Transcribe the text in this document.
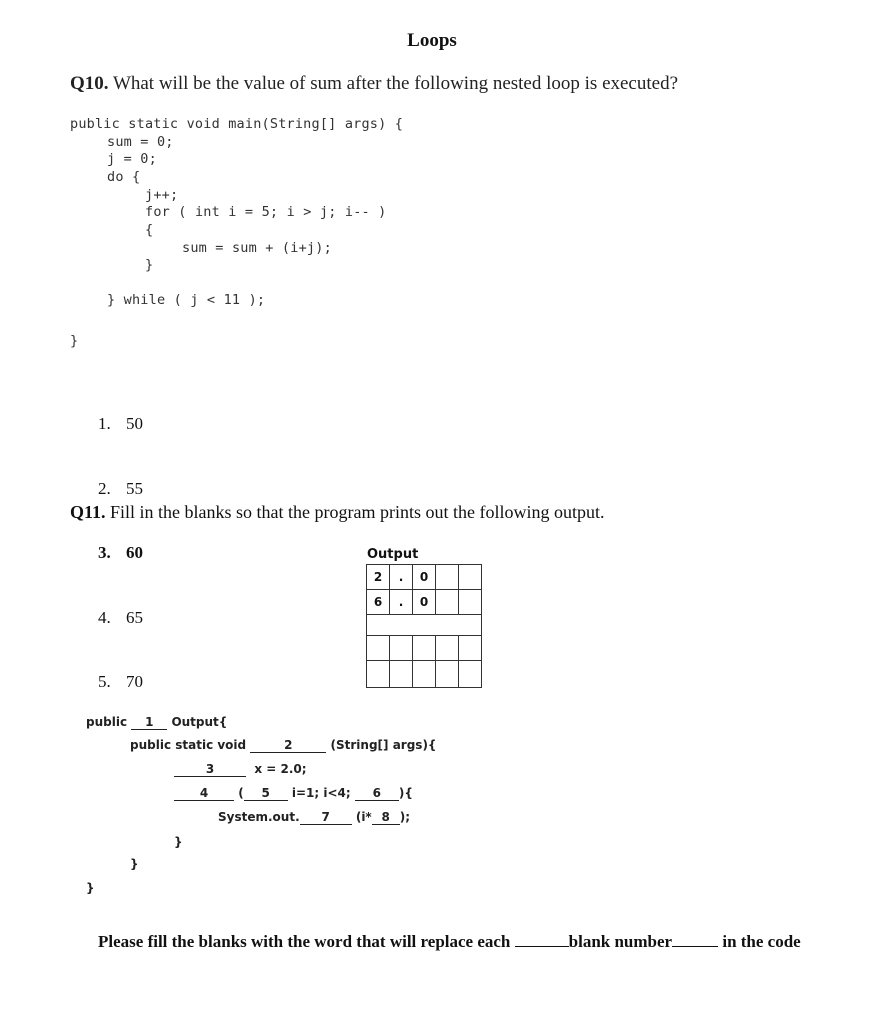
Loops
Q10. What will be the value of sum after the following nested loop is executed?
public static void main(String[] args) {
sum = 0;
j = 0;
do {
j++;
for ( int i = 5; i > j; i-- )
{
sum = sum + (i+j);
}
} while ( j < 11 );
}

1. 50

2. 55

3. 60

4. 65

5. 70

Q11. Fill in the blanks so that the program prints out the following output.
Output
2	.	0		
6	.	0		

public 1 Output{
public static void	2	(String[] args){
3	x = 2.0;
4	( 5 i=1; i<4; 6 ){
System.out. 7 (i* 8 );
}
}
}
Please fill the blanks with the word that will replace each	blank number	in the code
